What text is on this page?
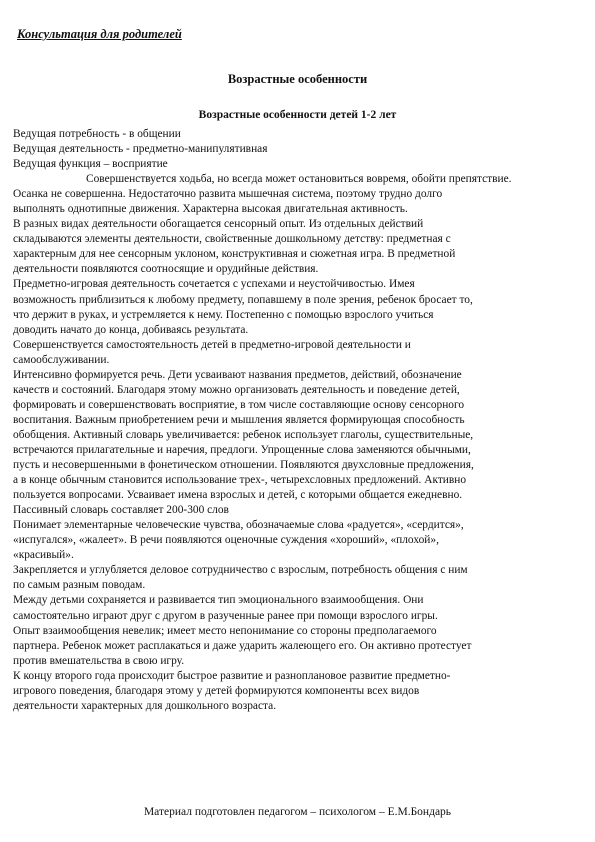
Консультация для родителей
Возрастные особенности
Возрастные особенности детей 1-2 лет
Ведущая потребность - в общении
Ведущая деятельность - предметно-манипулятивная
Ведущая функция – восприятие
Совершенствуется ходьба, но всегда может остановиться вовремя, обойти препятствие.
Осанка не совершенна. Недостаточно развита мышечная система, поэтому трудно долго
выполнять однотипные движения. Характерна высокая двигательная активность.
В разных видах деятельности обогащается сенсорный опыт. Из отдельных действий
складываются элементы деятельности, свойственные дошкольному детству: предметная с
характерным для нее сенсорным уклоном, конструктивная и сюжетная игра. В предметной
деятельности появляются соотносящие и орудийные действия.
Предметно-игровая деятельность сочетается с успехами и неустойчивостью. Имея
возможность приблизиться к любому предмету, попавшему в поле зрения, ребенок бросает то,
что держит в руках, и устремляется к нему. Постепенно с помощью взрослого учиться
доводить начато до конца, добиваясь результата.
Совершенствуется самостоятельность детей в предметно-игровой деятельности и
самообслуживании.
Интенсивно формируется речь. Дети усваивают названия предметов, действий, обозначение
качеств и состояний. Благодаря этому можно организовать деятельность и поведение детей,
формировать и совершенствовать восприятие, в том числе составляющие основу сенсорного
воспитания. Важным приобретением речи и мышления является формирующая способность
обобщения. Активный словарь увеличивается: ребенок использует глаголы, существительные,
встречаются прилагательные и наречия, предлоги. Упрощенные слова заменяются обычными,
пусть и несовершенными в фонетическом отношении. Появляются двухсловные предложения,
а в конце обычным становится использование трех-, четырехсловных предложений. Активно
пользуется вопросами. Усваивает имена взрослых и детей, с которыми общается ежедневно.
Пассивный словарь составляет 200-300 слов
Понимает элементарные человеческие чувства, обозначаемые слова «радуется», «сердится»,
«испугался», «жалеет». В речи появляются оценочные суждения «хороший», «плохой»,
«красивый».
Закрепляется и углубляется деловое сотрудничество с взрослым, потребность общения с ним
по самым разным поводам.
Между детьми сохраняется и развивается тип эмоционального взаимообщения. Они
самостоятельно играют друг с другом в разученные ранее при помощи взрослого игры.
Опыт взаимообщения невелик; имеет место непонимание со стороны предполагаемого
партнера. Ребенок может расплакаться и даже ударить жалеющего его. Он активно протестует
против вмешательства в свою игру.
К концу второго года происходит быстрое развитие и разноплановое развитие предметно-
игрового поведения, благодаря этому у детей формируются компоненты всех видов
деятельности характерных для дошкольного возраста.
Материал подготовлен педагогом – психологом – Е.М.Бондарь
